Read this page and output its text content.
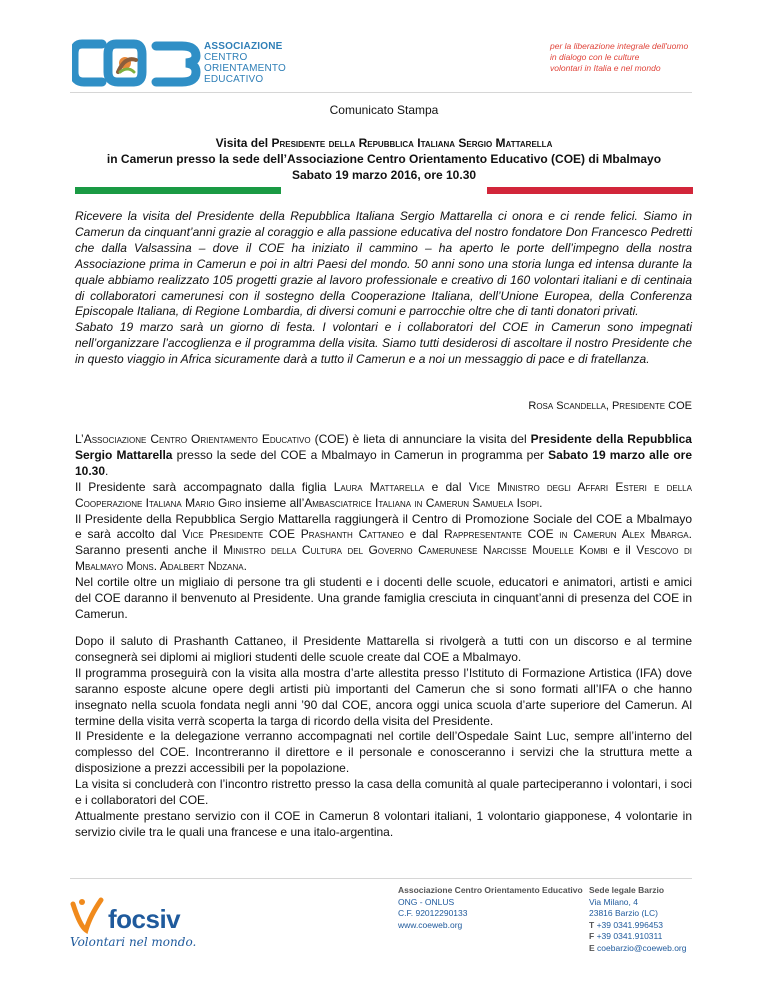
ASSOCIAZIONE
CENTRO
ORIENTAMENTO
EDUCATIVO
per la liberazione integrale dell'uomo
in dialogo con le culture
volontari in Italia e nel mondo
Comunicato Stampa
Visita del Presidente della Repubblica Italiana Sergio Mattarella
in Camerun presso la sede dell’Associazione Centro Orientamento Educativo (COE) di Mbalmayo
Sabato 19 marzo 2016, ore 10.30

Ricevere la visita del Presidente della Repubblica Italiana Sergio Mattarella ci onora e ci rende felici. Siamo in Camerun da cinquant’anni grazie al coraggio e alla passione educativa del nostro fondatore Don Francesco Pedretti che dalla Valsassina – dove il COE ha iniziato il cammino – ha aperto le porte dell’impegno della nostra Associazione prima in Camerun e poi in altri Paesi del mondo. 50 anni sono una storia lunga ed intensa durante la quale abbiamo realizzato 105 progetti grazie al lavoro professionale e creativo di 160 volontari italiani e di centinaia di collaboratori camerunesi con il sostegno della Cooperazione Italiana, dell’Unione Europea, della Conferenza Episcopale Italiana, di Regione Lombardia, di diversi comuni e parrocchie oltre che di tanti donatori privati.

Sabato 19 marzo sarà un giorno di festa. I volontari e i collaboratori del COE in Camerun sono impegnati nell’organizzare l’accoglienza e il programma della visita. Siamo tutti desiderosi di ascoltare il nostro Presidente che in questo viaggio in Africa sicuramente darà a tutto il Camerun e a noi un messaggio di pace e di fratellanza.

Rosa Scandella, Presidente COE

L’Associazione Centro Orientamento Educativo (COE) è lieta di annunciare la visita del Presidente della Repubblica Sergio Mattarella presso la sede del COE a Mbalmayo in Camerun in programma per Sabato 19 marzo alle ore 10.30.

Il Presidente sarà accompagnato dalla figlia Laura Mattarella e dal Vice Ministro degli Affari Esteri e della Cooperazione Italiana Mario Giro insieme all’Ambasciatrice Italiana in Camerun Samuela Isopi.

Il Presidente della Repubblica Sergio Mattarella raggiungerà il Centro di Promozione Sociale del COE a Mbalmayo e sarà accolto dal Vice Presidente COE Prashanth Cattaneo e dal Rappresentante COE in Camerun Alex Mbarga. Saranno presenti anche il Ministro della Cultura del Governo Camerunese Narcisse Mouelle Kombi e il Vescovo di Mbalmayo Mons. Adalbert Ndzana.

Nel cortile oltre un migliaio di persone tra gli studenti e i docenti delle scuole, educatori e animatori, artisti e amici del COE daranno il benvenuto al Presidente. Una grande famiglia cresciuta in cinquant’anni di presenza del COE in Camerun.

Dopo il saluto di Prashanth Cattaneo, il Presidente Mattarella si rivolgerà a tutti con un discorso e al termine consegnerà sei diplomi ai migliori studenti delle scuole create dal COE a Mbalmayo.

Il programma proseguirà con la visita alla mostra d’arte allestita presso l’Istituto di Formazione Artistica (IFA) dove saranno esposte alcune opere degli artisti più importanti del Camerun che si sono formati all’IFA o che hanno insegnato nella scuola fondata negli anni ’90 dal COE, ancora oggi unica scuola d’arte superiore del Camerun. Al termine della visita verrà scoperta la targa di ricordo della visita del Presidente.

Il Presidente e la delegazione verranno accompagnati nel cortile dell’Ospedale Saint Luc, sempre all’interno del complesso del COE. Incontreranno il direttore e il personale e conosceranno i servizi che la struttura mette a disposizione a prezzi accessibili per la popolazione.

La visita si concluderà con l’incontro ristretto presso la casa della comunità al quale parteciperanno i volontari, i soci e i collaboratori del COE.

Attualmente prestano servizio con il COE in Camerun 8 volontari italiani, 1 volontario giapponese, 4 volontarie in servizio civile tra le quali una francese e una italo-argentina.

focsiv
Volontari nel mondo.
Associazione Centro Orientamento Educativo
ONG - ONLUS
C.F. 92012290133
www.coeweb.org
Sede legale Barzio
Via Milano, 4
23816 Barzio (LC)
T +39 0341.996453
F +39 0341.910311
E coebarzio@coeweb.org
